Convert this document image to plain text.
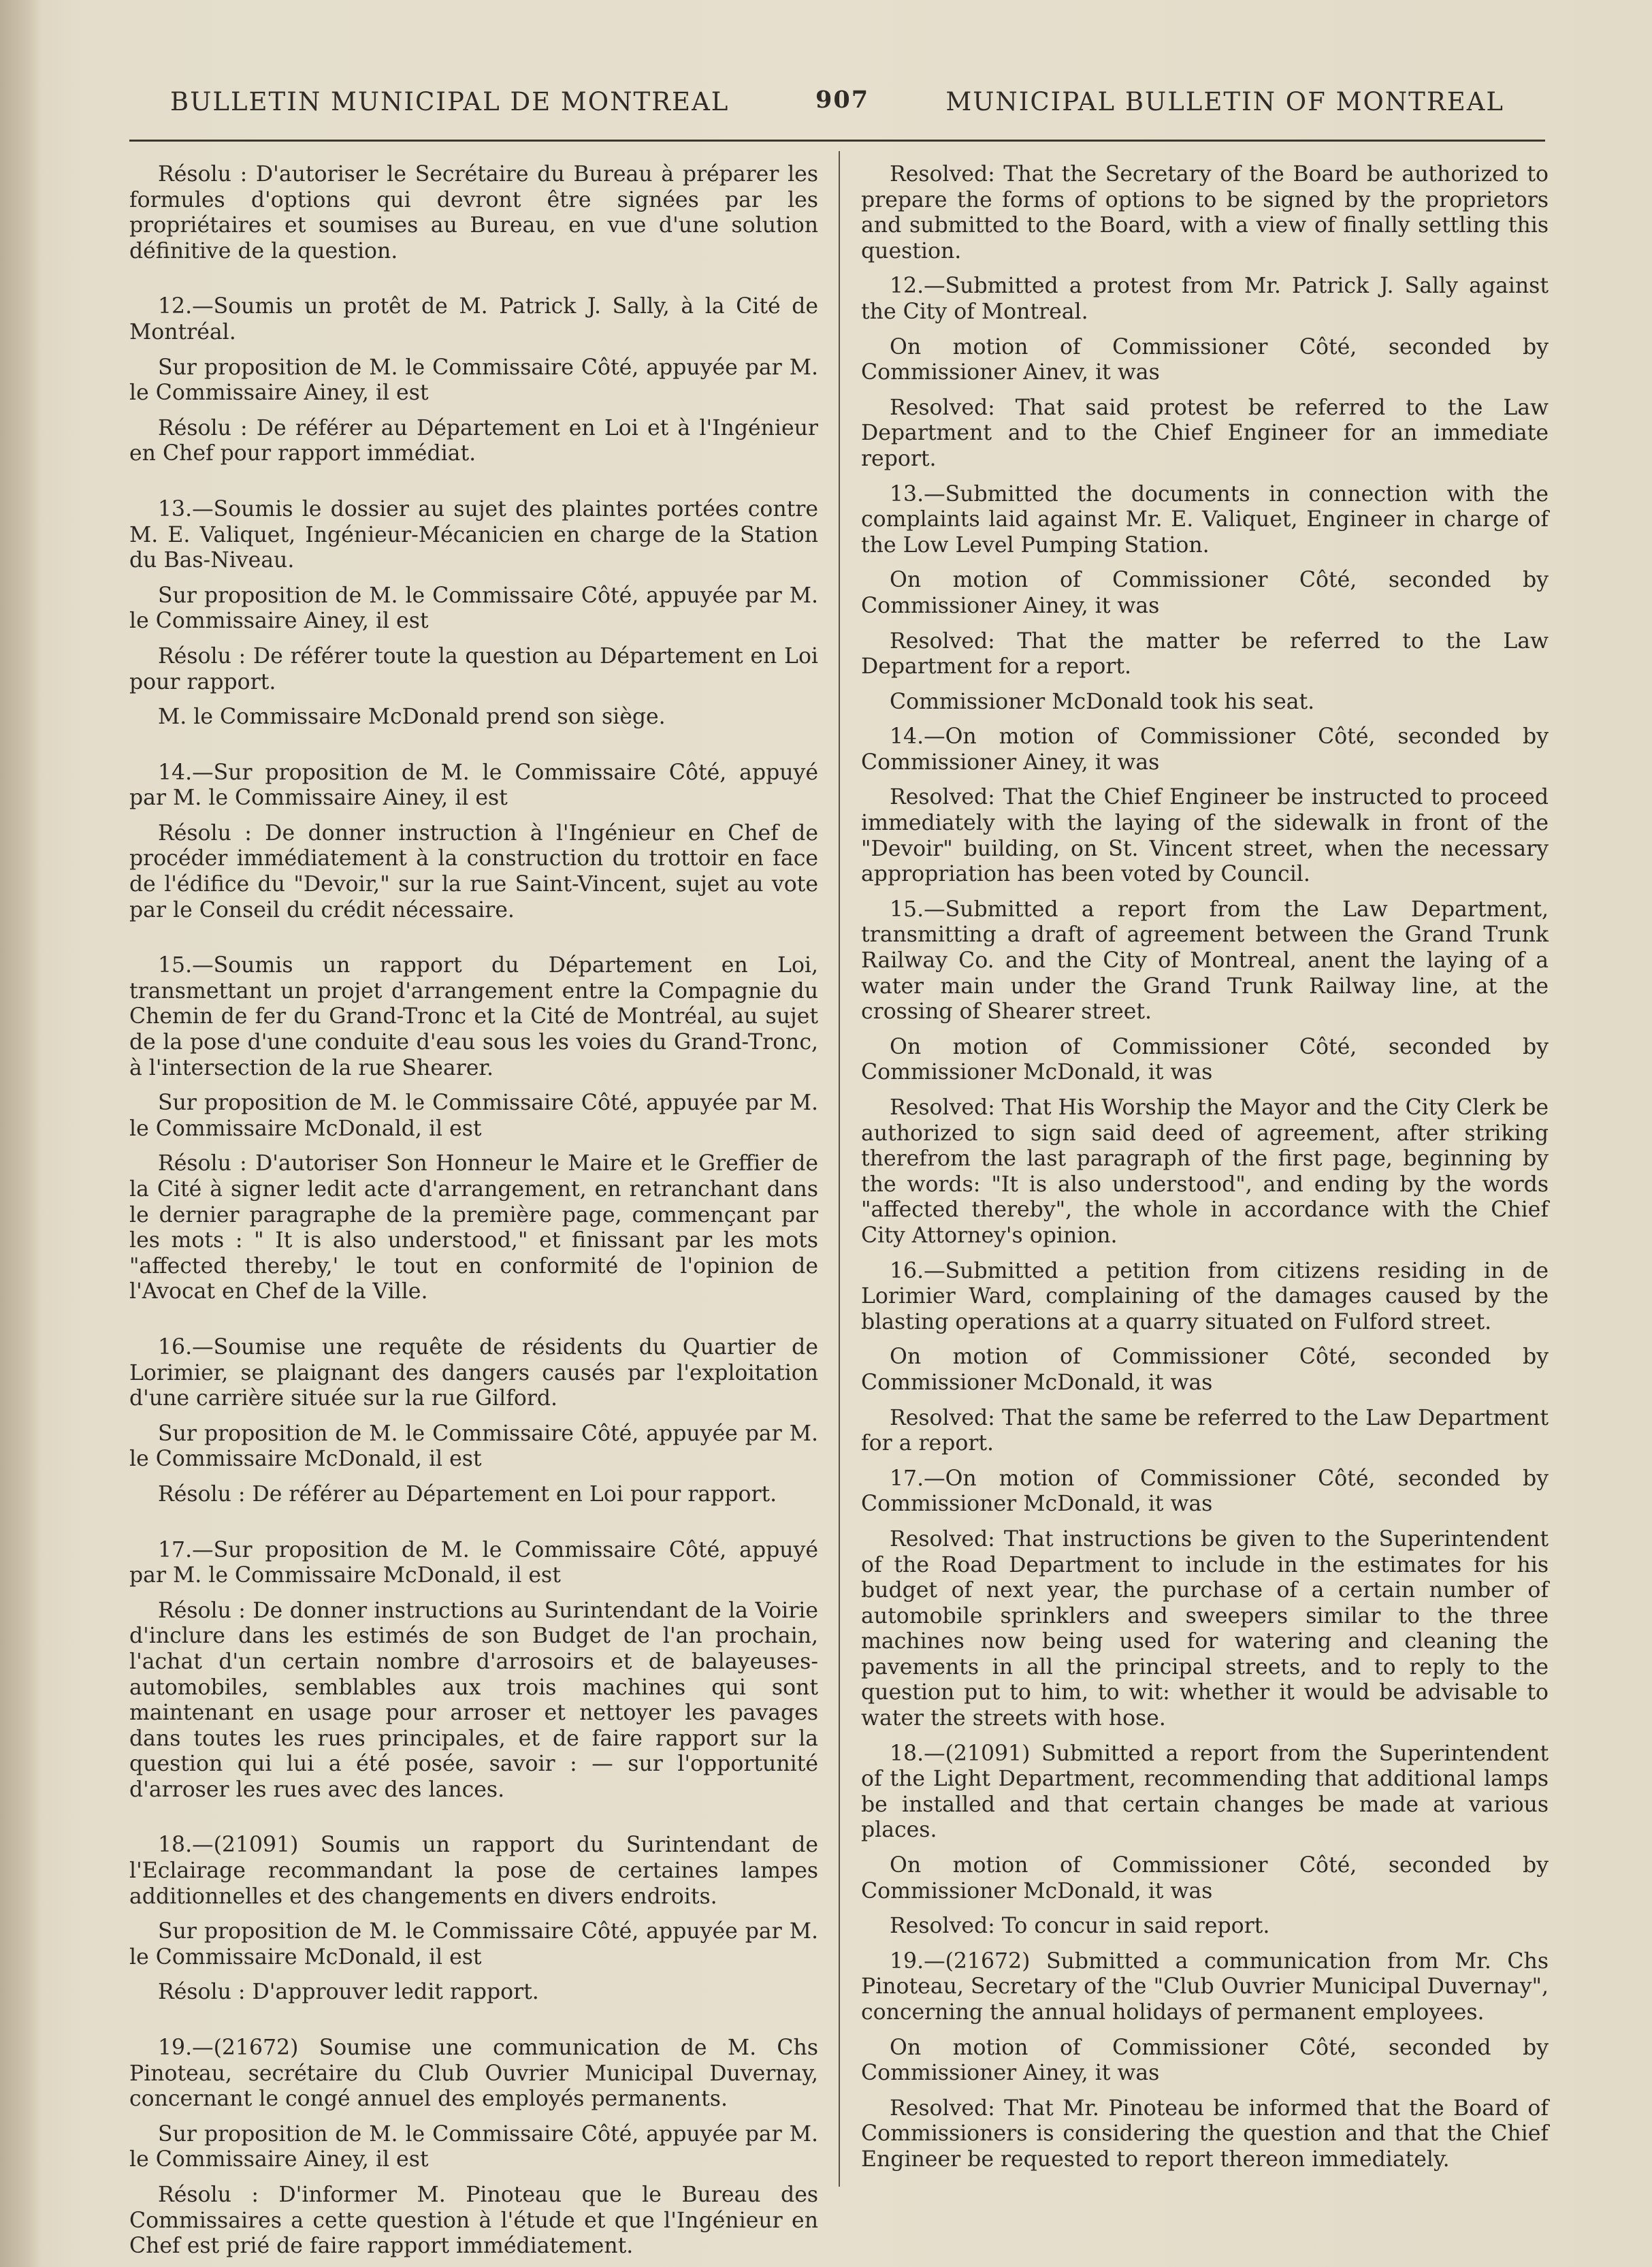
BULLETIN MUNICIPAL DE MONTREAL	907	MUNICIPAL BULLETIN OF MONTREAL

Résolu : D'autoriser le Secrétaire du Bureau à préparer les formules d'options qui devront être signées par les propriétaires et soumises au Bureau, en vue d'une solution définitive de la question.

12.—Soumis un protêt de M. Patrick J. Sally, à la Cité de Montréal.

Sur proposition de M. le Commissaire Côté, appuyée par M. le Commissaire Ainey, il est

Résolu : De référer au Département en Loi et à l'Ingénieur en Chef pour rapport immédiat.

13.—Soumis le dossier au sujet des plaintes portées contre M. E. Valiquet, Ingénieur-Mécanicien en charge de la Station du Bas-Niveau.

Sur proposition de M. le Commissaire Côté, appuyée par M. le Commissaire Ainey, il est

Résolu : De référer toute la question au Département en Loi pour rapport.

M. le Commissaire McDonald prend son siège.

14.—Sur proposition de M. le Commissaire Côté, appuyé par M. le Commissaire Ainey, il est

Résolu : De donner instruction à l'Ingénieur en Chef de procéder immédiatement à la construction du trottoir en face de l'édifice du "Devoir," sur la rue Saint-Vincent, sujet au vote par le Conseil du crédit nécessaire.

15.—Soumis un rapport du Département en Loi, transmettant un projet d'arrangement entre la Compagnie du Chemin de fer du Grand-Tronc et la Cité de Montréal, au sujet de la pose d'une conduite d'eau sous les voies du Grand-Tronc, à l'intersection de la rue Shearer.

Sur proposition de M. le Commissaire Côté, appuyée par M. le Commissaire McDonald, il est

Résolu : D'autoriser Son Honneur le Maire et le Greffier de la Cité à signer ledit acte d'arrangement, en retranchant dans le dernier paragraphe de la première page, commençant par les mots : " It is also understood," et finissant par les mots "affected thereby,' le tout en conformité de l'opinion de l'Avocat en Chef de la Ville.

16.—Soumise une requête de résidents du Quartier de Lorimier, se plaignant des dangers causés par l'exploitation d'une carrière située sur la rue Gilford.

Sur proposition de M. le Commissaire Côté, appuyée par M. le Commissaire McDonald, il est

Résolu : De référer au Département en Loi pour rapport.

17.—Sur proposition de M. le Commissaire Côté, appuyé par M. le Commissaire McDonald, il est

Résolu : De donner instructions au Surintendant de la Voirie d'inclure dans les estimés de son Budget de l'an prochain, l'achat d'un certain nombre d'arrosoirs et de balayeuses-automobiles, semblables aux trois machines qui sont maintenant en usage pour arroser et nettoyer les pavages dans toutes les rues principales, et de faire rapport sur la question qui lui a été posée, savoir : — sur l'opportunité d'arroser les rues avec des lances.

18.—(21091) Soumis un rapport du Surintendant de l'Eclairage recommandant la pose de certaines lampes additionnelles et des changements en divers endroits.

Sur proposition de M. le Commissaire Côté, appuyée par M. le Commissaire McDonald, il est

Résolu : D'approuver ledit rapport.

19.—(21672) Soumise une communication de M. Chs Pinoteau, secrétaire du Club Ouvrier Municipal Duvernay, concernant le congé annuel des employés permanents.

Sur proposition de M. le Commissaire Côté, appuyée par M. le Commissaire Ainey, il est

Résolu : D'informer M. Pinoteau que le Bureau des Commissaires a cette question à l'étude et que l'Ingénieur en Chef est prié de faire rapport immédiatement.

Resolved: That the Secretary of the Board be authorized to prepare the forms of options to be signed by the proprietors and submitted to the Board, with a view of finally settling this question.

12.—Submitted a protest from Mr. Patrick J. Sally against the City of Montreal.

On motion of Commissioner Côté, seconded by Commissioner Ainev, it was

Resolved: That said protest be referred to the Law Department and to the Chief Engineer for an immediate report.

13.—Submitted the documents in connection with the complaints laid against Mr. E. Valiquet, Engineer in charge of the Low Level Pumping Station.

On motion of Commissioner Côté, seconded by Commissioner Ainey, it was

Resolved: That the matter be referred to the Law Department for a report.

Commissioner McDonald took his seat.

14.—On motion of Commissioner Côté, seconded by Commissioner Ainey, it was

Resolved: That the Chief Engineer be instructed to proceed immediately with the laying of the sidewalk in front of the "Devoir" building, on St. Vincent street, when the necessary appropriation has been voted by Council.

15.—Submitted a report from the Law Department, transmitting a draft of agreement between the Grand Trunk Railway Co. and the City of Montreal, anent the laying of a water main under the Grand Trunk Railway line, at the crossing of Shearer street.

On motion of Commissioner Côté, seconded by Commissioner McDonald, it was

Resolved: That His Worship the Mayor and the City Clerk be authorized to sign said deed of agreement, after striking therefrom the last paragraph of the first page, beginning by the words: "It is also understood", and ending by the words "affected thereby", the whole in accordance with the Chief City Attorney's opinion.

16.—Submitted a petition from citizens residing in de Lorimier Ward, complaining of the damages caused by the blasting operations at a quarry situated on Fulford street.

On motion of Commissioner Côté, seconded by Commissioner McDonald, it was

Resolved: That the same be referred to the Law Department for a report.

17.—On motion of Commissioner Côté, seconded by Commissioner McDonald, it was

Resolved: That instructions be given to the Superintendent of the Road Department to include in the estimates for his budget of next year, the purchase of a certain number of automobile sprinklers and sweepers similar to the three machines now being used for watering and cleaning the pavements in all the principal streets, and to reply to the question put to him, to wit: whether it would be advisable to water the streets with hose.

18.—(21091) Submitted a report from the Superintendent of the Light Department, recommending that additional lamps be installed and that certain changes be made at various places.

On motion of Commissioner Côté, seconded by Commissioner McDonald, it was

Resolved: To concur in said report.

19.—(21672) Submitted a communication from Mr. Chs Pinoteau, Secretary of the "Club Ouvrier Municipal Duvernay", concerning the annual holidays of permanent employees.

On motion of Commissioner Côté, seconded by Commissioner Ainey, it was

Resolved: That Mr. Pinoteau be informed that the Board of Commissioners is considering the question and that the Chief Engineer be requested to report thereon immediately.
